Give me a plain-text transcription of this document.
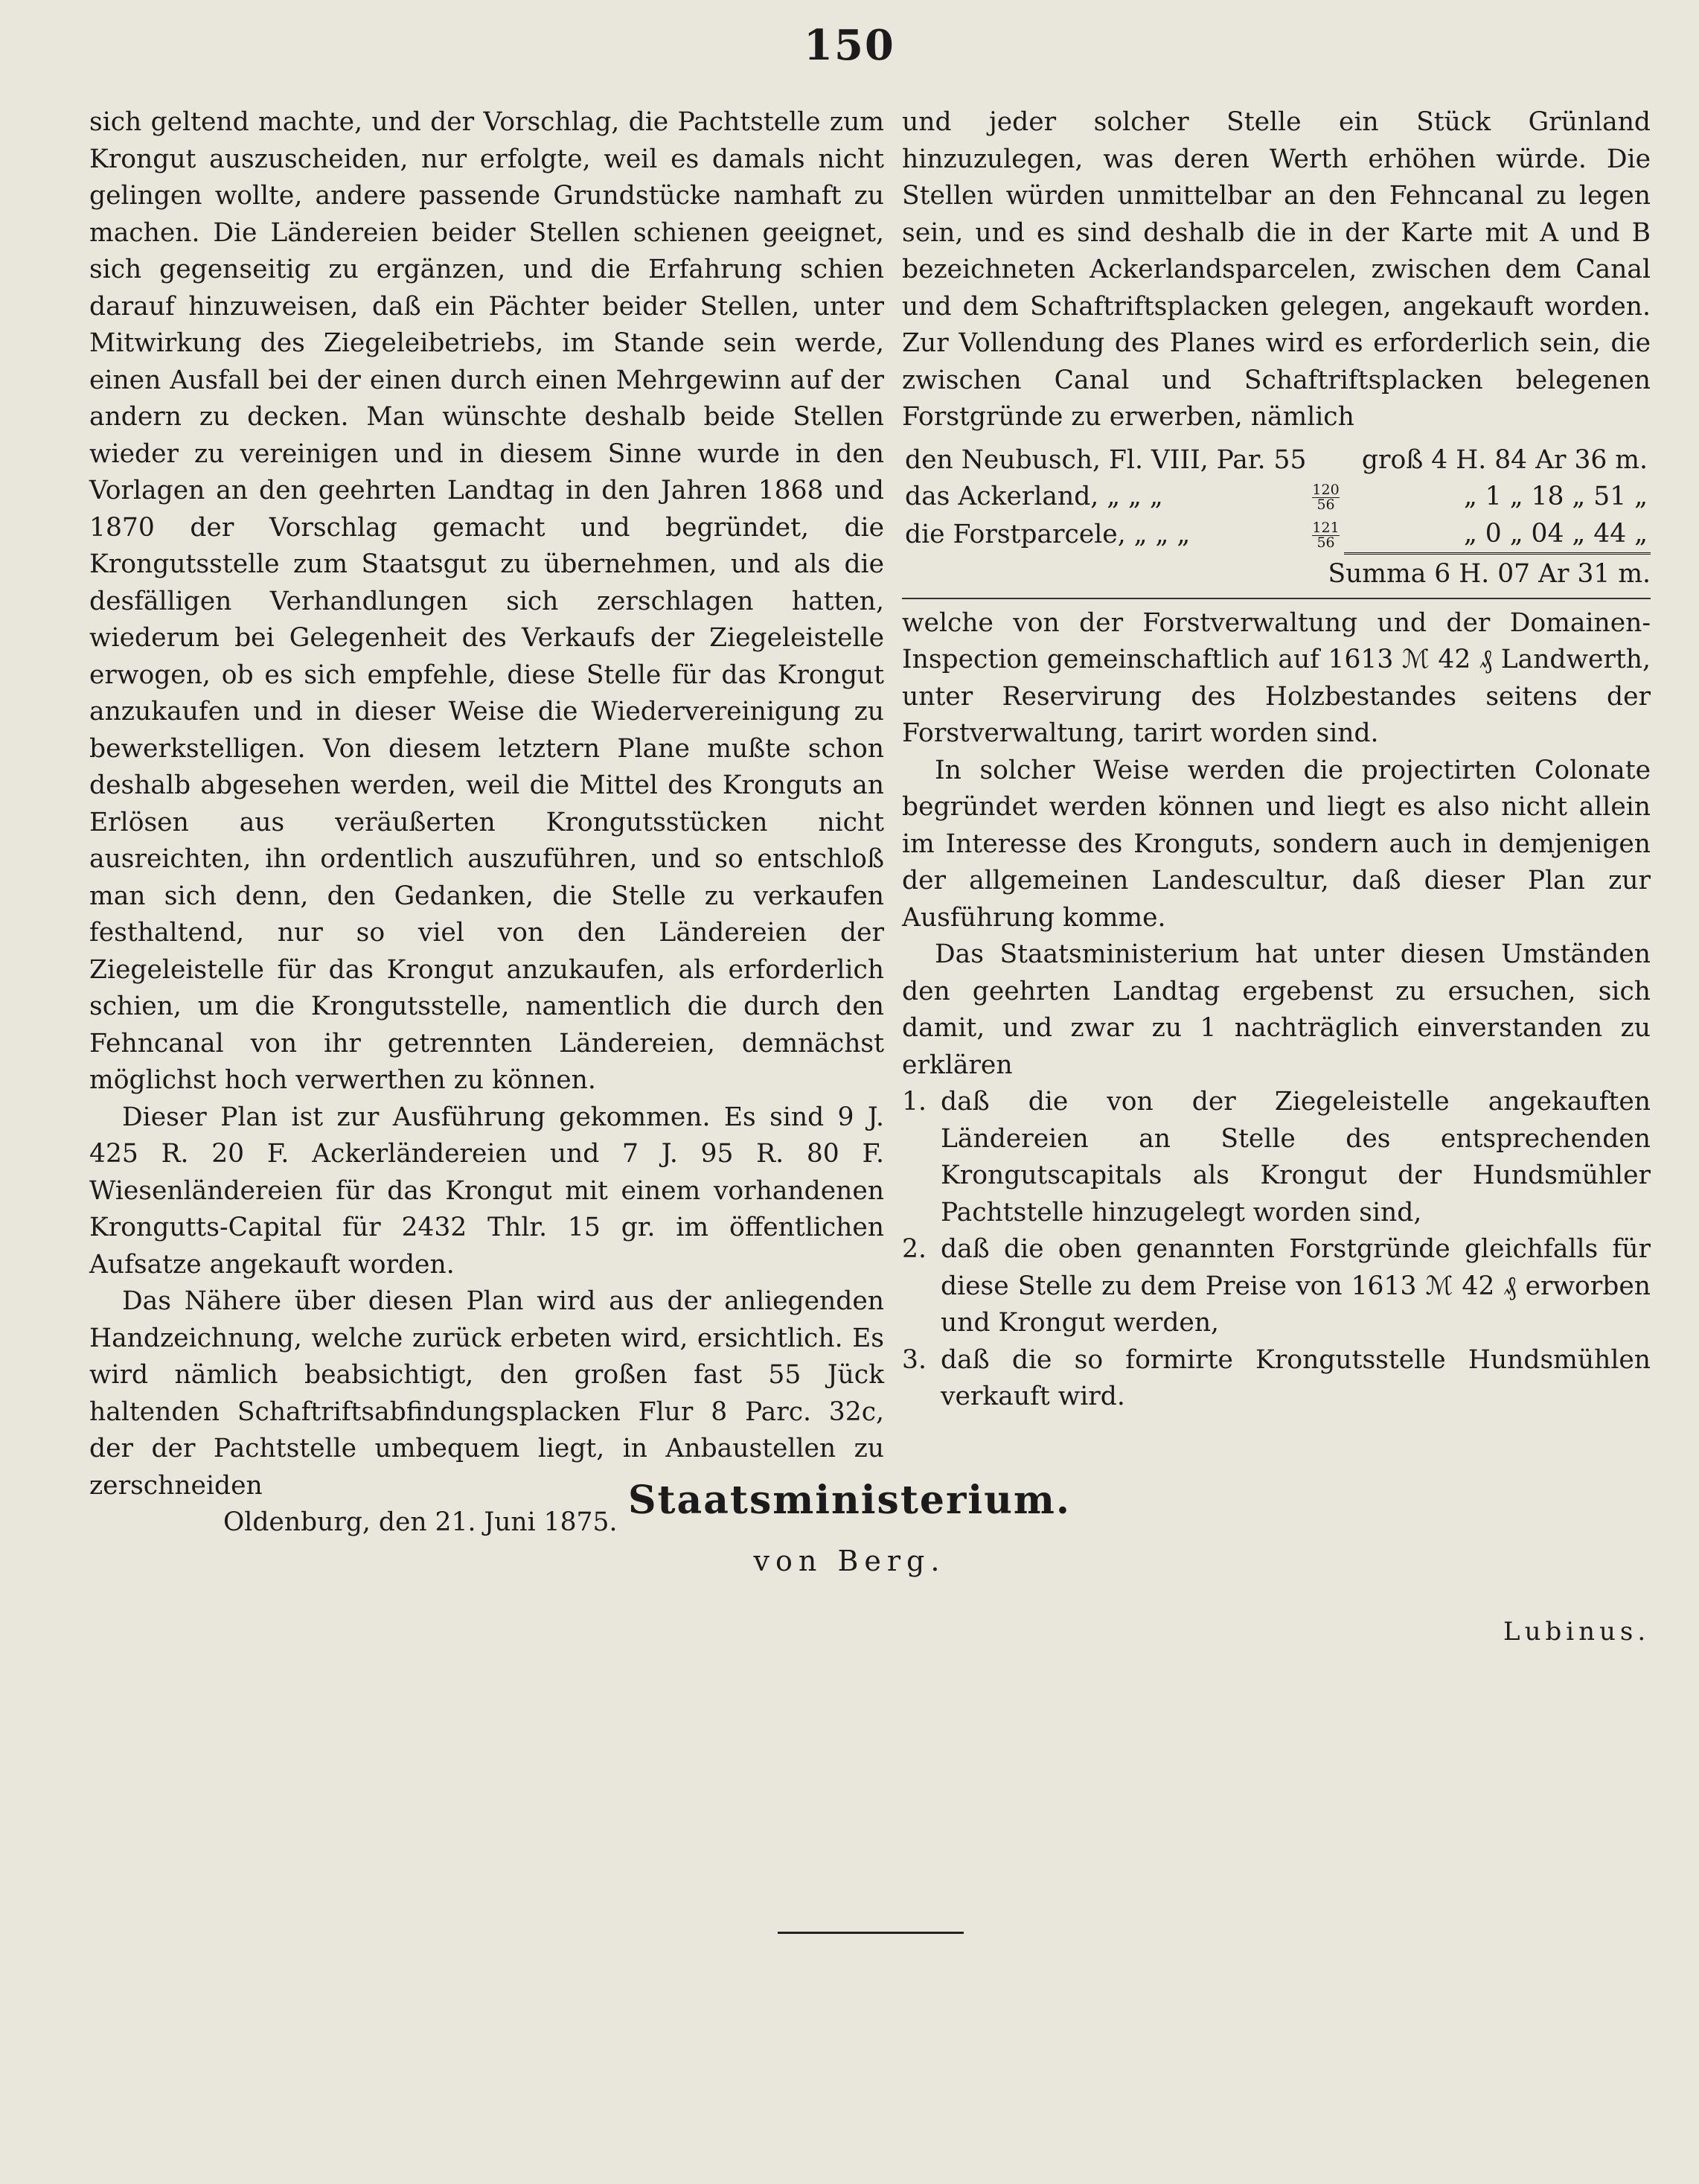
150

sich geltend machte, und der Vorschlag, die Pachtstelle zum Krongut auszuscheiden, nur erfolgte, weil es damals nicht gelingen wollte, andere passende Grundstücke namhaft zu machen. Die Ländereien beider Stellen schienen geeignet, sich gegenseitig zu ergänzen, und die Erfahrung schien darauf hinzuweisen, daß ein Pächter beider Stellen, unter Mitwirkung des Ziegeleibetriebs, im Stande sein werde, einen Ausfall bei der einen durch einen Mehrgewinn auf der andern zu decken. Man wünschte deshalb beide Stellen wieder zu vereinigen und in diesem Sinne wurde in den Vorlagen an den geehrten Landtag in den Jahren 1868 und 1870 der Vorschlag gemacht und begründet, die Krongutsstelle zum Staatsgut zu übernehmen, und als die desfälligen Verhandlungen sich zerschlagen hatten, wiederum bei Gelegenheit des Verkaufs der Ziegeleistelle erwogen, ob es sich empfehle, diese Stelle für das Krongut anzukaufen und in dieser Weise die Wiedervereinigung zu bewerkstelligen. Von diesem letztern Plane mußte schon deshalb abgesehen werden, weil die Mittel des Kronguts an Erlösen aus veräußerten Krongutsstücken nicht ausreichten, ihn ordentlich auszuführen, und so entschloß man sich denn, den Gedanken, die Stelle zu verkaufen festhaltend, nur so viel von den Ländereien der Ziegeleistelle für das Krongut anzukaufen, als erforderlich schien, um die Krongutsstelle, namentlich die durch den Fehncanal von ihr getrennten Ländereien, demnächst möglichst hoch verwerthen zu können.

Dieser Plan ist zur Ausführung gekommen. Es sind 9 J. 425 R. 20 F. Ackerländereien und 7 J. 95 R. 80 F. Wiesenländereien für das Krongut mit einem vorhandenen Krongutts-Capital für 2432 Thlr. 15 gr. im öffentlichen Aufsatze angekauft worden.

Das Nähere über diesen Plan wird aus der anliegenden Handzeichnung, welche zurück erbeten wird, ersichtlich. Es wird nämlich beabsichtigt, den großen fast 55 Jück haltenden Schaftriftsabfindungsplacken Flur 8 Parc. 32c, der der Pachtstelle umbequem liegt, in Anbaustellen zu zerschneiden

Oldenburg, den 21. Juni 1875.

und jeder solcher Stelle ein Stück Grünland hinzuzulegen, was deren Werth erhöhen würde. Die Stellen würden unmittelbar an den Fehncanal zu legen sein, und es sind deshalb die in der Karte mit A und B bezeichneten Ackerlandsparcelen, zwischen dem Canal und dem Schaftriftsplacken gelegen, angekauft worden. Zur Vollendung des Planes wird es erforderlich sein, die zwischen Canal und Schaftriftsplacken belegenen Forstgründe zu erwerben, nämlich

den Neubusch, Fl. VIII, Par. 55		groß 4 H. 84 Ar 36 m.
das Ackerland, „ „ „	$\frac{120}{56}$	„ 1 „ 18 „ 51 „
die Forstparcele, „ „ „	$\frac{121}{56}$	„ 0 „ 04 „ 44 „

Summa 6 H. 07 Ar 31 m.

welche von der Forstverwaltung und der Domainen-Inspection gemeinschaftlich auf 1613 ℳ 42 ₰ Landwerth, unter Reservirung des Holzbestandes seitens der Forstverwaltung, tarirt worden sind.

In solcher Weise werden die projectirten Colonate begründet werden können und liegt es also nicht allein im Interesse des Kronguts, sondern auch in demjenigen der allgemeinen Landescultur, daß dieser Plan zur Ausführung komme.

Das Staatsministerium hat unter diesen Umständen den geehrten Landtag ergebenst zu ersuchen, sich damit, und zwar zu 1 nachträglich einverstanden zu erklären

1. daß die von der Ziegeleistelle angekauften Ländereien an Stelle des entsprechenden Krongutscapitals als Krongut der Hundsmühler Pachtstelle hinzugelegt worden sind,
2. daß die oben genannten Forstgründe gleichfalls für diese Stelle zu dem Preise von 1613 ℳ 42 ₰ erworben und Krongut werden,
3. daß die so formirte Krongutsstelle Hundsmühlen verkauft wird.
Staatsministerium.
von Berg.
Lubinus.
